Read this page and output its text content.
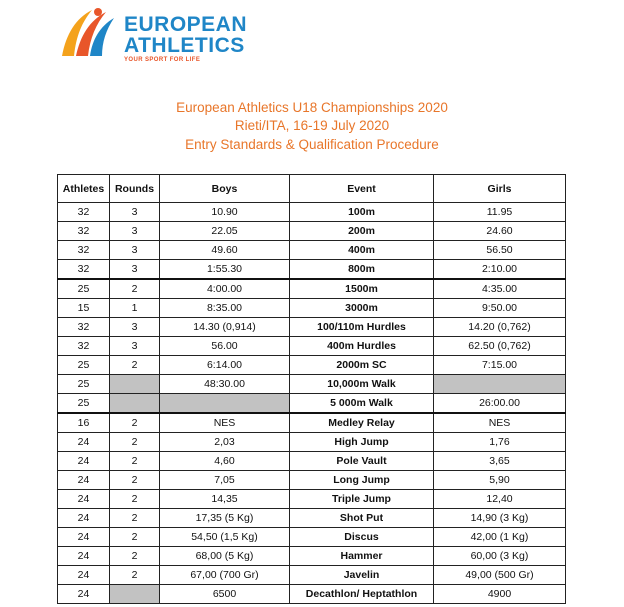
EUROPEAN
ATHLETICS
YOUR SPORT FOR LIFE
European Athletics U18 Championships 2020
Rieti/ITA, 16-19 July 2020
Entry Standards & Qualification Procedure
Athletes	Rounds	Boys	Event	Girls
32	3	10.90	100m	11.95
32	3	22.05	200m	24.60
32	3	49.60	400m	56.50
32	3	1:55.30	800m	2:10.00
25	2	4:00.00	1500m	4:35.00
15	1	8:35.00	3000m	9:50.00
32	3	14.30 (0,914)	100/110m Hurdles	14.20 (0,762)
32	3	56.00	400m Hurdles	62.50 (0,762)
25	2	6:14.00	2000m SC	7:15.00
25		48:30.00	10,000m Walk	
25			5 000m Walk	26:00.00
16	2	NES	Medley Relay	NES
24	2	2,03	High Jump	1,76
24	2	4,60	Pole Vault	3,65
24	2	7,05	Long Jump	5,90
24	2	14,35	Triple Jump	12,40
24	2	17,35 (5 Kg)	Shot Put	14,90 (3 Kg)
24	2	54,50 (1,5 Kg)	Discus	42,00 (1 Kg)
24	2	68,00 (5 Kg)	Hammer	60,00 (3 Kg)
24	2	67,00 (700 Gr)	Javelin	49,00 (500 Gr)
24		6500	Decathlon/ Heptathlon	4900
